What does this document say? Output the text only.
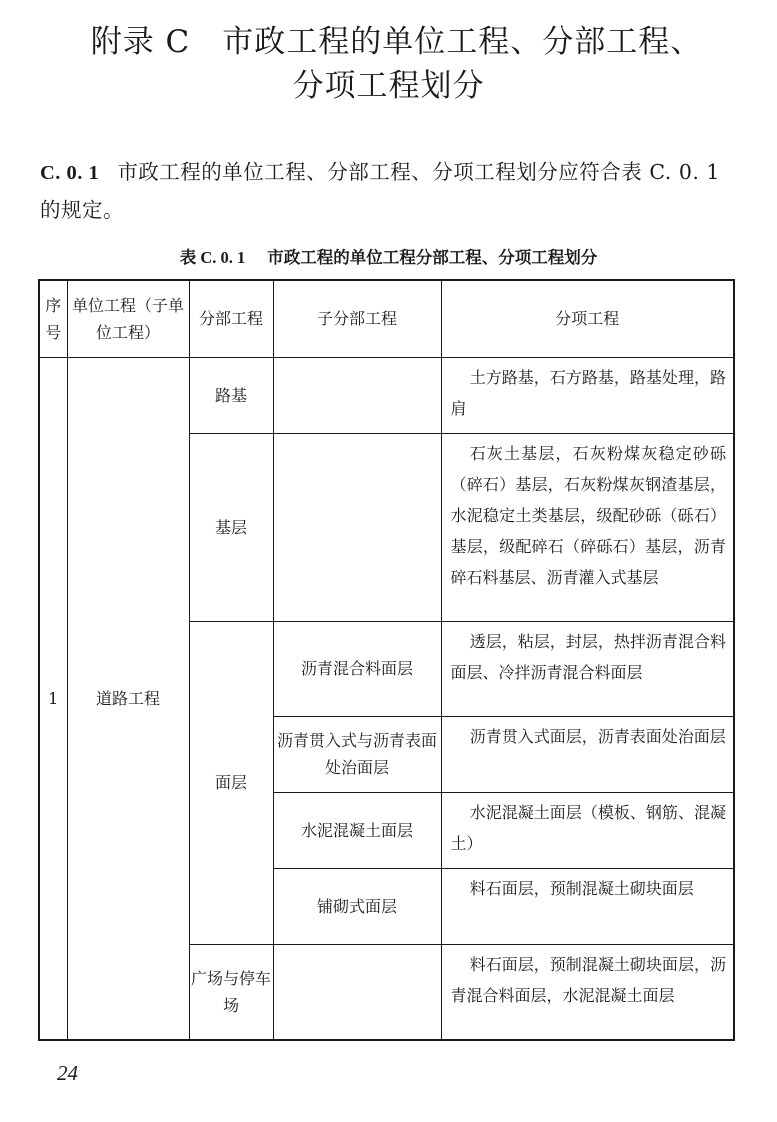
附录 C　市政工程的单位工程、分部工程、
分项工程划分
C. 0. 1 市政工程的单位工程、分部工程、分项工程划分应符合表 C. 0. 1 的规定。
表 C. 0. 1 市政工程的单位工程分部工程、分项工程划分
序号	单位工程（子单位工程）	分部工程	子分部工程	分项工程
1	道路工程	路基		土方路基，石方路基，路基处理，路肩
		基层		石灰土基层，石灰粉煤灰稳定砂砾（碎石）基层，石灰粉煤灰钢渣基层，水泥稳定土类基层，级配砂砾（砾石）基层，级配碎石（碎砾石）基层，沥青碎石料基层、沥青灌入式基层
		面层	沥青混合料面层	透层，粘层，封层，热拌沥青混合料面层、冷拌沥青混合料面层
			沥青贯入式与沥青表面处治面层	沥青贯入式面层，沥青表面处治面层
			水泥混凝土面层	水泥混凝土面层（模板、钢筋、混凝土）
			铺砌式面层	料石面层，预制混凝土砌块面层
		广场与停车场		料石面层，预制混凝土砌块面层，沥青混合料面层，水泥混凝土面层
24
